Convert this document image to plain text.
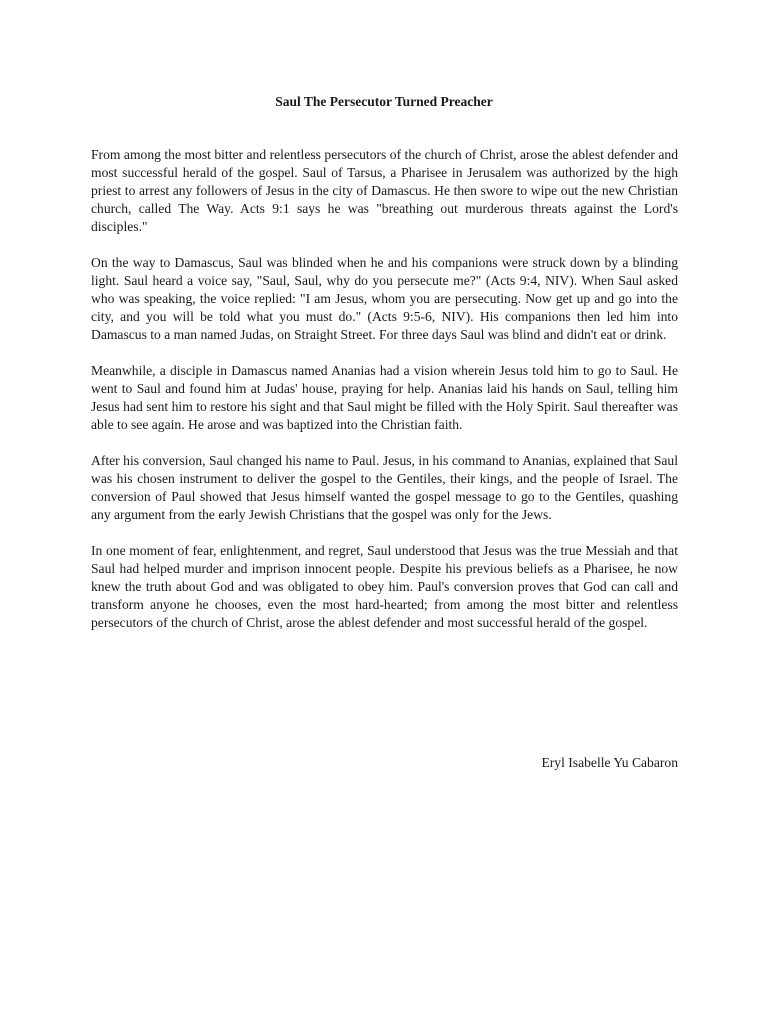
Saul The Persecutor Turned Preacher

From among the most bitter and relentless persecutors of the church of Christ, arose the ablest defender and most successful herald of the gospel. Saul of Tarsus, a Pharisee in Jerusalem was authorized by the high priest to arrest any followers of Jesus in the city of Damascus. He then swore to wipe out the new Christian church, called The Way. Acts 9:1 says he was "breathing out murderous threats against the Lord's disciples."

On the way to Damascus, Saul was blinded when he and his companions were struck down by a blinding light. Saul heard a voice say, "Saul, Saul, why do you persecute me?" (Acts 9:4, NIV). When Saul asked who was speaking, the voice replied: "I am Jesus, whom you are persecuting. Now get up and go into the city, and you will be told what you must do." (Acts 9:5-6, NIV). His companions then led him into Damascus to a man named Judas, on Straight Street. For three days Saul was blind and didn't eat or drink.

Meanwhile, a disciple in Damascus named Ananias had a vision wherein Jesus told him to go to Saul. He went to Saul and found him at Judas' house, praying for help. Ananias laid his hands on Saul, telling him Jesus had sent him to restore his sight and that Saul might be filled with the Holy Spirit. Saul thereafter was able to see again. He arose and was baptized into the Christian faith.

After his conversion, Saul changed his name to Paul. Jesus, in his command to Ananias, explained that Saul was his chosen instrument to deliver the gospel to the Gentiles, their kings, and the people of Israel. The conversion of Paul showed that Jesus himself wanted the gospel message to go to the Gentiles, quashing any argument from the early Jewish Christians that the gospel was only for the Jews.

In one moment of fear, enlightenment, and regret, Saul understood that Jesus was the true Messiah and that Saul had helped murder and imprison innocent people. Despite his previous beliefs as a Pharisee, he now knew the truth about God and was obligated to obey him. Paul's conversion proves that God can call and transform anyone he chooses, even the most hard-hearted; from among the most bitter and relentless persecutors of the church of Christ, arose the ablest defender and most successful herald of the gospel.

Eryl Isabelle Yu Cabaron
